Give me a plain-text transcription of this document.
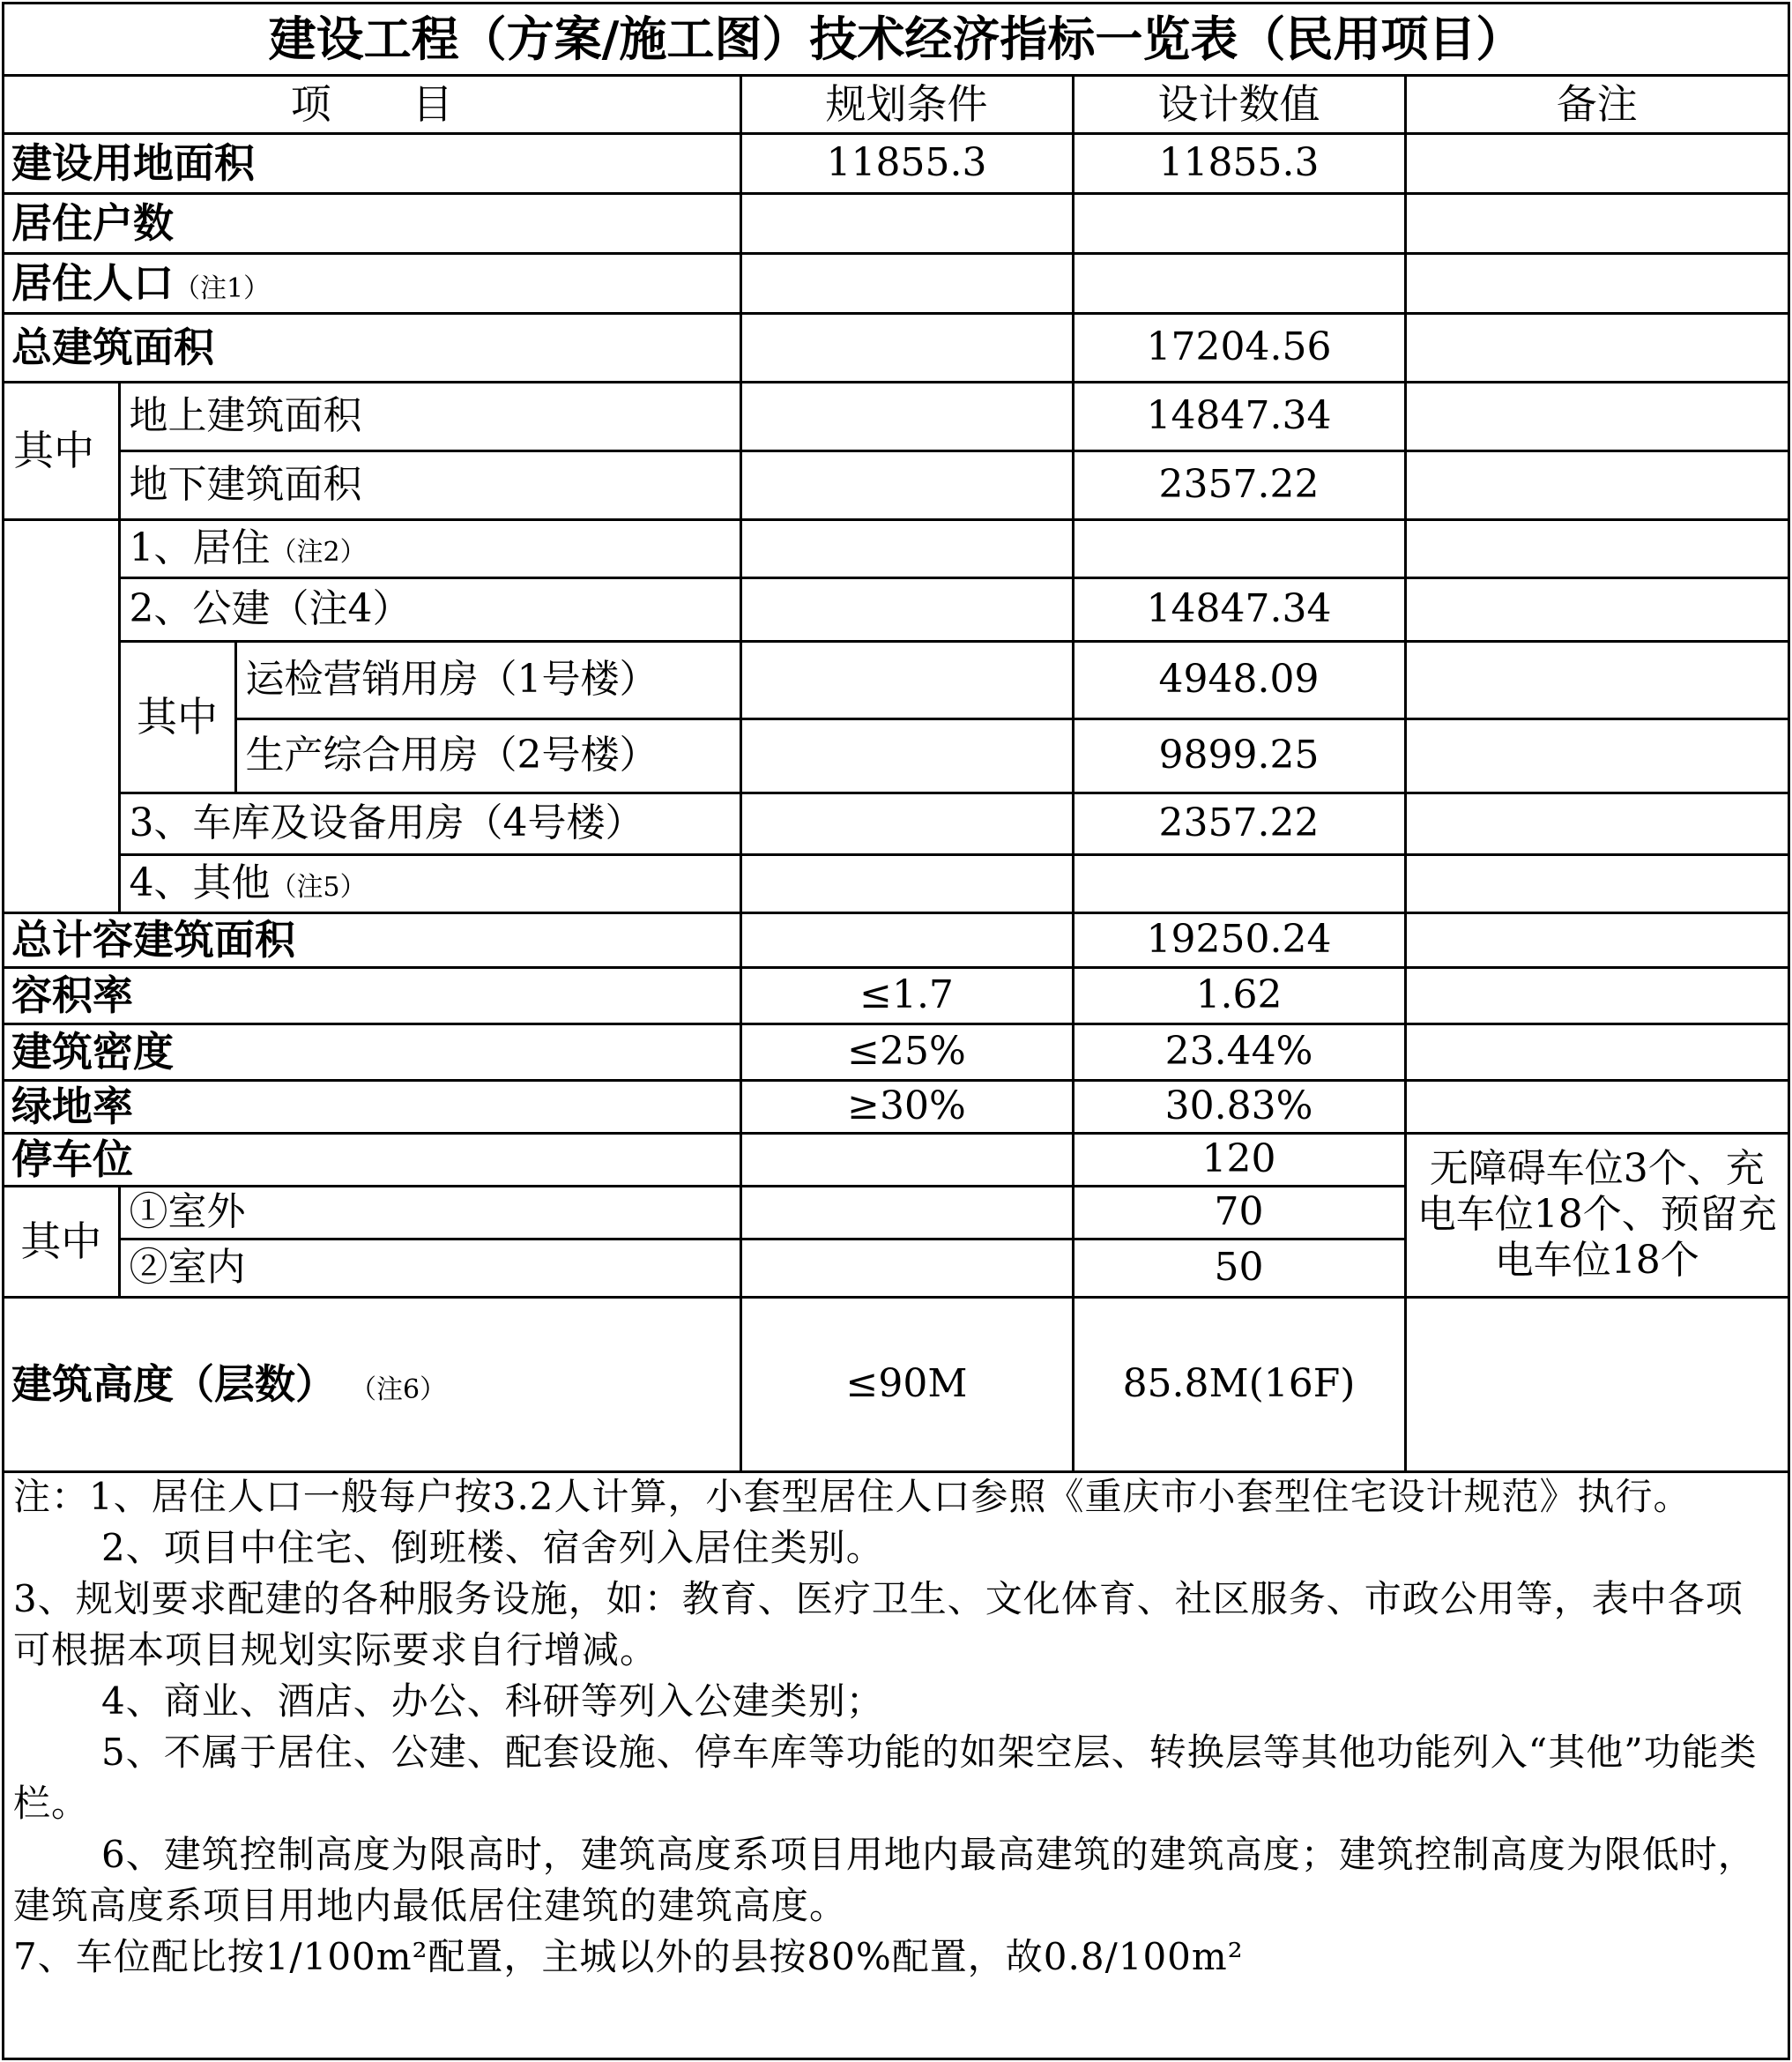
建设工程（方案/施工图）技术经济指标一览表（民用项目）					
项　　目			规划条件	设计数值	备注
建设用地面积			11855.3	11855.3	
居住户数					
居住人口（注1）					
总建筑面积				17204.56	
其中	地上建筑面积			14847.34	
	地下建筑面积			2357.22	
	1、居住（注2）				
	2、公建（注4）			14847.34	
	其中	运检营销用房（1号楼）		4948.09	
		生产综合用房（2号楼）		9899.25	
	3、车库及设备用房（4号楼）			2357.22	
	4、其他（注5）				
总计容建筑面积				19250.24	
容积率			≤1.7	1.62	
建筑密度			≤25%	23.44%	
绿地率			≥30%	30.83%	
停车位				120	无障碍车位3个、充电车位18个、预留充电车位18个
其中	①室外			70	
	②室内			50	
建筑高度（层数） （注6）			≤90M	85.8M(16F)	

注：1、居住人口一般每户按3.2人计算，小套型居住人口参照《重庆市小套型住宅设计规范》执行。

2、项目中住宅、倒班楼、宿舍列入居住类别。

3、规划要求配建的各种服务设施，如：教育、医疗卫生、文化体育、社区服务、市政公用等，表中各项可根据本项目规划实际要求自行增减。

4、商业、酒店、办公、科研等列入公建类别；

5、不属于居住、公建、配套设施、停车库等功能的如架空层、转换层等其他功能列入“其他”功能类栏。

6、建筑控制高度为限高时，建筑高度系项目用地内最高建筑的建筑高度；建筑控制高度为限低时，建筑高度系项目用地内最低居住建筑的建筑高度。

7、车位配比按1/100m²配置，主城以外的县按80%配置，故0.8/100m²
